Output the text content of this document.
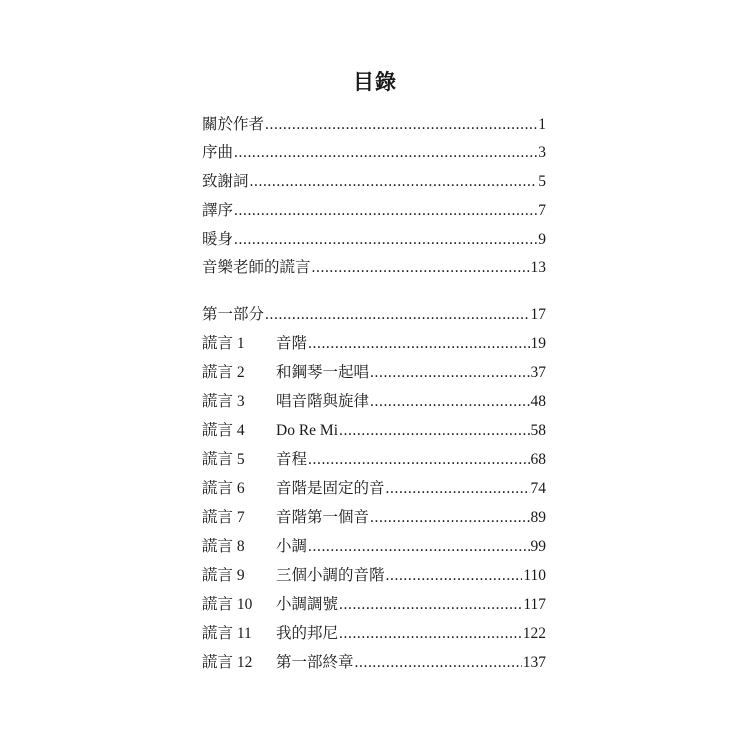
目錄
關於作者 .....	1
序曲 .....	3
致謝詞 .....	5
譯序 .....	7
暖身 .....	9
音樂老師的謊言 .....	13
第一部分 .....	17
謊言 1	音階 .....	19
謊言 2	和鋼琴一起唱 .....	37
謊言 3	唱音階與旋律 .....	48
謊言 4	Do Re Mi .....	58
謊言 5	音程 .....	68
謊言 6	音階是固定的音 .....	74
謊言 7	音階第一個音 .....	89
謊言 8	小調 .....	99
謊言 9	三個小調的音階 .....	110
謊言 10	小調調號 .....	117
謊言 11	我的邦尼 .....	122
謊言 12	第一部終章 .....	137
